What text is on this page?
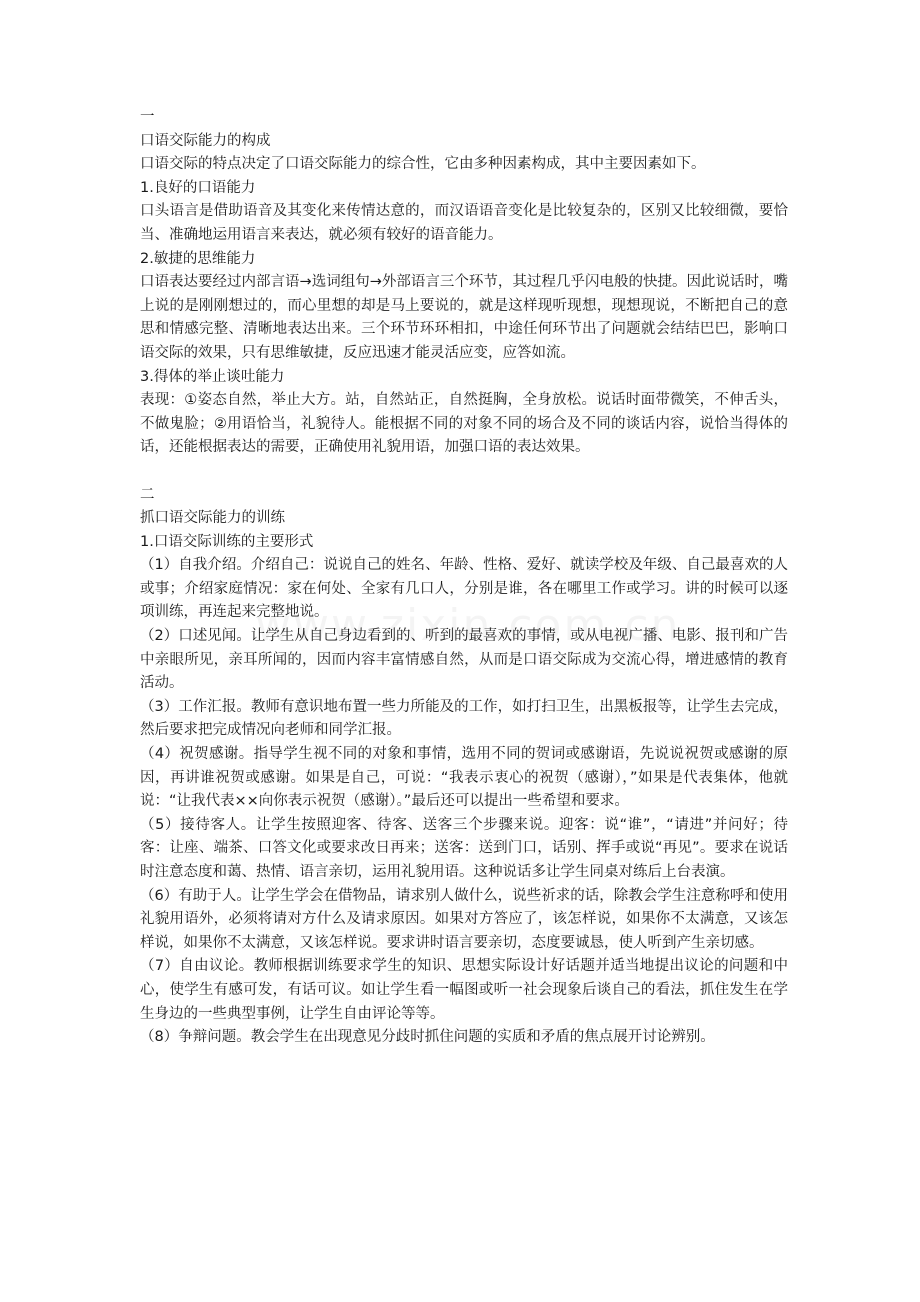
一
口语交际能力的构成
口语交际的特点决定了口语交际能力的综合性，它由多种因素构成，其中主要因素如下。
1.良好的口语能力
口头语言是借助语音及其变化来传情达意的，而汉语语音变化是比较复杂的，区别又比较细微，要恰当、准确地运用语言来表达，就必须有较好的语音能力。
2.敏捷的思维能力
口语表达要经过内部言语→选词组句→外部语言三个环节，其过程几乎闪电般的快捷。因此说话时，嘴上说的是刚刚想过的，而心里想的却是马上要说的，就是这样现听现想，现想现说，不断把自己的意思和情感完整、清晰地表达出来。三个环节环环相扣，中途任何环节出了问题就会结结巴巴，影响口语交际的效果，只有思维敏捷，反应迅速才能灵活应变，应答如流。
3.得体的举止谈吐能力
表现：①姿态自然，举止大方。站，自然站正，自然挺胸，全身放松。说话时面带微笑，不伸舌头，不做鬼脸；②用语恰当，礼貌待人。能根据不同的对象不同的场合及不同的谈话内容，说恰当得体的话，还能根据表达的需要，正确使用礼貌用语，加强口语的表达效果。
二
抓口语交际能力的训练
1.口语交际训练的主要形式
（1）自我介绍。介绍自己：说说自己的姓名、年龄、性格、爱好、就读学校及年级、自己最喜欢的人或事；介绍家庭情况：家在何处、全家有几口人，分别是谁，各在哪里工作或学习。讲的时候可以逐项训练，再连起来完整地说。
（2）口述见闻。让学生从自己身边看到的、听到的最喜欢的事情，或从电视广播、电影、报刊和广告中亲眼所见，亲耳所闻的，因而内容丰富情感自然，从而是口语交际成为交流心得，增进感情的教育活动。
（3）工作汇报。教师有意识地布置一些力所能及的工作，如打扫卫生，出黑板报等，让学生去完成，然后要求把完成情况向老师和同学汇报。
（4）祝贺感谢。指导学生视不同的对象和事情，选用不同的贺词或感谢语，先说说祝贺或感谢的原因，再讲谁祝贺或感谢。如果是自己，可说：“我表示衷心的祝贺（感谢），”如果是代表集体，他就说：“让我代表××向你表示祝贺（感谢）。”最后还可以提出一些希望和要求。
（5）接待客人。让学生按照迎客、待客、送客三个步骤来说。迎客：说“谁”，“请进”并问好；待客：让座、端茶、口答文化或要求改日再来；送客：送到门口，话别、挥手或说“再见”。要求在说话时注意态度和蔼、热情、语言亲切，运用礼貌用语。这种说话多让学生同桌对练后上台表演。
（6）有助于人。让学生学会在借物品，请求别人做什么，说些祈求的话，除教会学生注意称呼和使用礼貌用语外，必须将请对方什么及请求原因。如果对方答应了，该怎样说，如果你不太满意，又该怎样说，如果你不太满意，又该怎样说。要求讲时语言要亲切，态度要诚恳，使人听到产生亲切感。
（7）自由议论。教师根据训练要求学生的知识、思想实际设计好话题并适当地提出议论的问题和中心，使学生有感可发，有话可议。如让学生看一幅图或听一社会现象后谈自己的看法，抓住发生在学生身边的一些典型事例，让学生自由评论等等。
（8）争辩问题。教会学生在出现意见分歧时抓住问题的实质和矛盾的焦点展开讨论辨别。
